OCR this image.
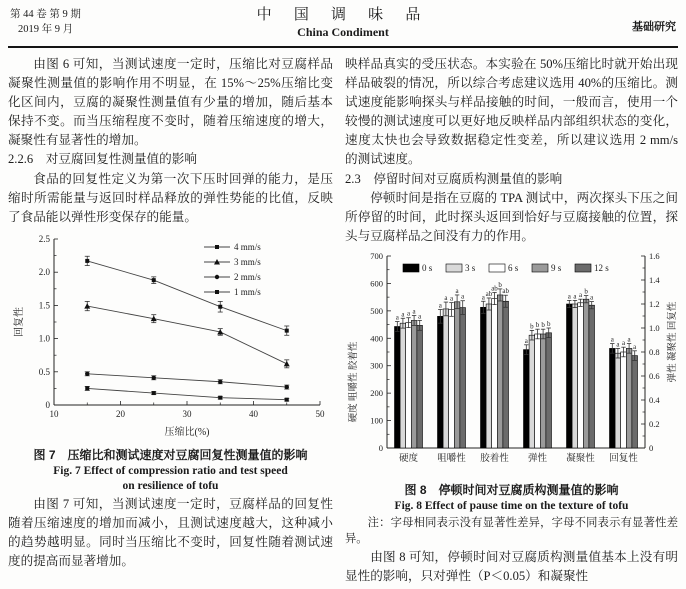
第 44 卷 第 9 期
2019 年 9 月
中 国 调 味 品
China Condiment	基础研究

由图 6 可知，当测试速度一定时，压缩比对豆腐样品凝聚性测量值的影响作用不明显，在 15%～25%压缩比变化区间内，豆腐的凝聚性测量值有少量的增加，随后基本保持不变。而当压缩程度不变时，随着压缩速度的增大，凝聚性有显著性的增加。

2.2.6　对豆腐回复性测量值的影响

食品的回复性定义为第一次下压时回弹的能力，是压缩时所需能量与返回时样品释放的弹性势能的比值，反映了食品能以弹性形变保存的能量。

0
0.5
1.0
1.5
2.0
2.5
10	20	30	40	50
压缩比(%)
回复性
4 mm/s
3 mm/s
2 mm/s
1 mm/s
图 7　压缩比和测试速度对豆腐回复性测量值的影响
Fig. 7 Effect of compression ratio and test speed
on resilience of tofu

由图 7 可知，当测试速度一定时，豆腐样品的回复性随着压缩速度的增加而减小，且测试速度越大，这种减小的趋势越明显。同时当压缩比不变时，回复性随着测试速度的提高而显著增加。

映样品真实的受压状态。本实验在 50%压缩比时就开始出现样品破裂的情况，所以综合考虑建议选用 40%的压缩比。测试速度能影响探头与样品接触的时间，一般而言，使用一个较慢的测试速度可以更好地反映样品内部组织状态的变化，速度太快也会导致数据稳定性变差，所以建议选用 2 mm/s 的测试速度。

2.3　停留时间对豆腐质构测量值的影响

停顿时间是指在豆腐的 TPA 测试中，两次探头下压之间所停留的时间，此时探头返回到恰好与豆腐接触的位置，探头与豆腐样品之间没有力的作用。

0
100
200
300
400
500
600
700
0
0.2
0.4
0.6
0.8
1.0
1.2
1.4
1.6
硬度 咀嚼性 胶着性	弹性 凝聚性 回复性
硬度
a a a a
a
咀嚼性
a
a a
a
a
胶着性
a ab
ab b
ab
弹性
a
b b b b
凝聚性
a a a b
a
回复性
a
a a a
a
0 s	3 s	6 s	9 s	12 s
图 8　停顿时间对豆腐质构测量值的影响
Fig. 8 Effect of pause time on the texture of tofu

注：字母相同表示没有显著性差异，字母不同表示有显著性差异。

由图 8 可知，停顿时间对豆腐质构测量值基本上没有明显性的影响，只对弹性（P＜0.05）和凝聚性
